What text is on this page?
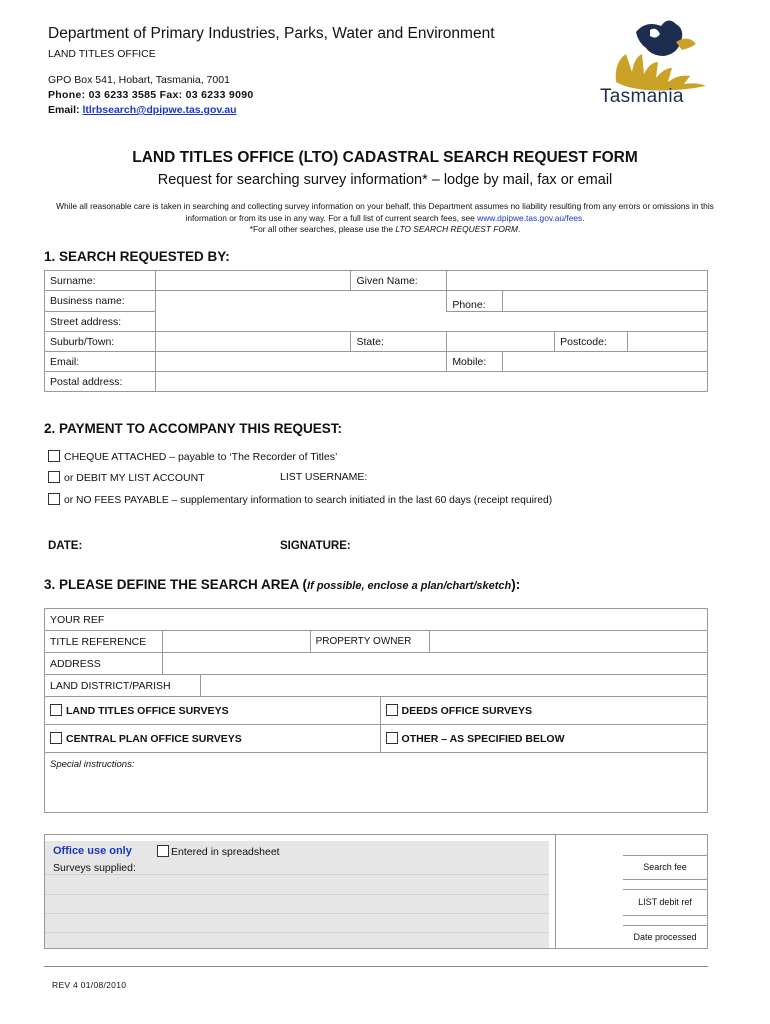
Department of Primary Industries, Parks, Water and Environment
LAND TITLES OFFICE
GPO Box 541, Hobart, Tasmania, 7001
Phone: 03 6233 3585 Fax: 03 6233 9090
Email: ltlrbsearch@dpipwe.tas.gov.au
Tasmania
LAND TITLES OFFICE (LTO) CADASTRAL SEARCH REQUEST FORM
Request for searching survey information* – lodge by mail, fax or email
While all reasonable care is taken in searching and collecting survey information on your behalf, this Department assumes no liability resulting from any errors or omissions in this information or from its use in any way. For a full list of current search fees, see www.dpipwe.tas.gov.au/fees.
*For all other searches, please use the LTO SEARCH REQUEST FORM.
1. SEARCH REQUESTED BY:
Surname:		Given Name:				
Business name:			Phone:			
Street address:						
Suburb/Town:		State:			Postcode:	
Email:			Mobile:			
Postal address:						
2. PAYMENT TO ACCOMPANY THIS REQUEST:
CHEQUE ATTACHED – payable to ‘The Recorder of Titles’
or DEBIT MY LIST ACCOUNT	LIST USERNAME:
or NO FEES PAYABLE – supplementary information to search initiated in the last 60 days (receipt required)
DATE:	SIGNATURE:
3. PLEASE DEFINE THE SEARCH AREA (If possible, enclose a plan/chart/sketch):
YOUR REF					
TITLE REFERENCE			PROPERTY OWNER		
ADDRESS					
LAND DISTRICT/PARISH					
LAND TITLES OFFICE SURVEYS				DEEDS OFFICE SURVEYS	
CENTRAL PLAN OFFICE SURVEYS				OTHER – AS SPECIFIED BELOW	
Special instructions:					
Office use only	Entered in spreadsheet
Surveys supplied:	Search fee
LIST debit ref
Date processed
REV 4 01/08/2010
